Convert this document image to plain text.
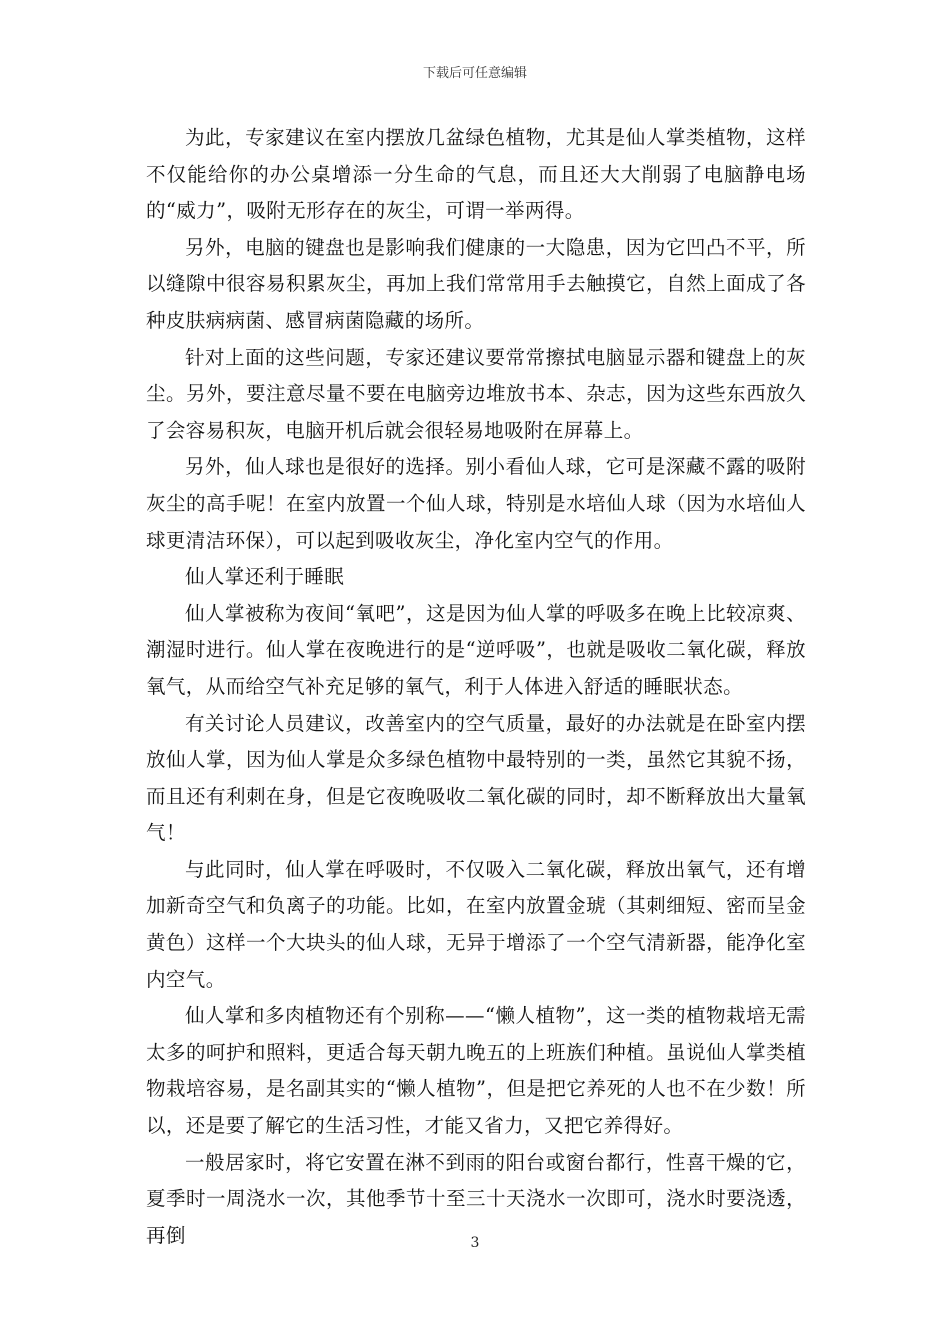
下载后可任意编辑

为此，专家建议在室内摆放几盆绿色植物，尤其是仙人掌类植物，这样不仅能给你的办公桌增添一分生命的气息，而且还大大削弱了电脑静电场的“威力”，吸附无形存在的灰尘，可谓一举两得。

另外，电脑的键盘也是影响我们健康的一大隐患，因为它凹凸不平，所以缝隙中很容易积累灰尘，再加上我们常常用手去触摸它，自然上面成了各种皮肤病病菌、感冒病菌隐藏的场所。

针对上面的这些问题，专家还建议要常常擦拭电脑显示器和键盘上的灰尘。另外，要注意尽量不要在电脑旁边堆放书本、杂志，因为这些东西放久了会容易积灰，电脑开机后就会很轻易地吸附在屏幕上。

另外，仙人球也是很好的选择。别小看仙人球，它可是深藏不露的吸附灰尘的高手呢！在室内放置一个仙人球，特别是水培仙人球（因为水培仙人球更清洁环保），可以起到吸收灰尘，净化室内空气的作用。

仙人掌还利于睡眠

仙人掌被称为夜间“氧吧”，这是因为仙人掌的呼吸多在晚上比较凉爽、潮湿时进行。仙人掌在夜晚进行的是“逆呼吸”，也就是吸收二氧化碳，释放氧气，从而给空气补充足够的氧气，利于人体进入舒适的睡眠状态。

有关讨论人员建议，改善室内的空气质量，最好的办法就是在卧室内摆放仙人掌，因为仙人掌是众多绿色植物中最特别的一类，虽然它其貌不扬，而且还有利刺在身，但是它夜晚吸收二氧化碳的同时，却不断释放出大量氧气！

与此同时，仙人掌在呼吸时，不仅吸入二氧化碳，释放出氧气，还有增加新奇空气和负离子的功能。比如，在室内放置金琥（其刺细短、密而呈金黄色）这样一个大块头的仙人球，无异于增添了一个空气清新器，能净化室内空气。

仙人掌和多肉植物还有个别称——“懒人植物”，这一类的植物栽培无需太多的呵护和照料，更适合每天朝九晚五的上班族们种植。虽说仙人掌类植物栽培容易，是名副其实的“懒人植物”，但是把它养死的人也不在少数！所以，还是要了解它的生活习性，才能又省力，又把它养得好。

一般居家时，将它安置在淋不到雨的阳台或窗台都行，性喜干燥的它，夏季时一周浇水一次，其他季节十至三十天浇水一次即可，浇水时要浇透，再倒	3
